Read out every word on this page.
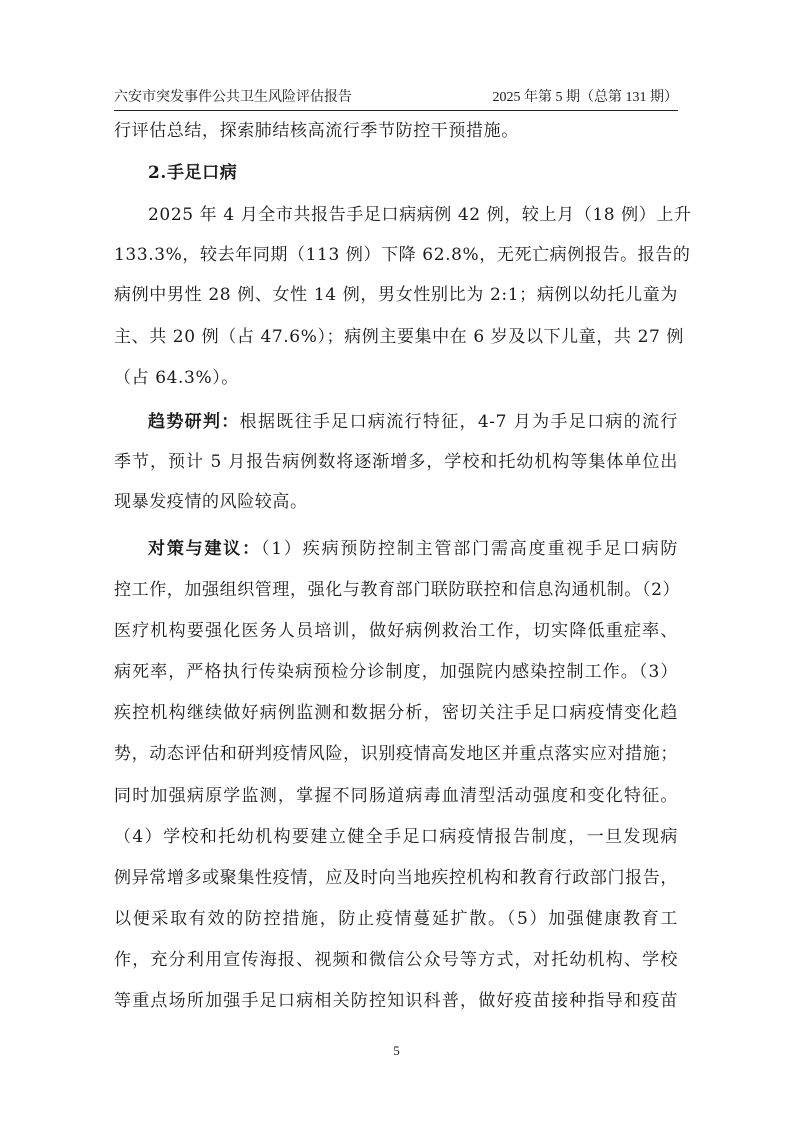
六安市突发事件公共卫生风险评估报告	2025 年第 5 期（总第 131 期）
行评估总结，探索肺结核高流行季节防控干预措施。
2.手足口病
2025 年 4 月全市共报告手足口病病例 42 例，较上月（18 例）上升
133.3%，较去年同期（113 例）下降 62.8%，无死亡病例报告。报告的
病例中男性 28 例、女性 14 例，男女性别比为 2:1；病例以幼托儿童为
主、共 20 例（占 47.6%）；病例主要集中在 6 岁及以下儿童，共 27 例
（占 64.3%）。
趋势研判：根据既往手足口病流行特征，4-7 月为手足口病的流行
季节，预计 5 月报告病例数将逐渐增多，学校和托幼机构等集体单位出
现暴发疫情的风险较高。
对策与建议：（1）疾病预防控制主管部门需高度重视手足口病防
控工作，加强组织管理，强化与教育部门联防联控和信息沟通机制。（2）
医疗机构要强化医务人员培训，做好病例救治工作，切实降低重症率、
病死率，严格执行传染病预检分诊制度，加强院内感染控制工作。（3）
疾控机构继续做好病例监测和数据分析，密切关注手足口病疫情变化趋
势，动态评估和研判疫情风险，识别疫情高发地区并重点落实应对措施；
同时加强病原学监测，掌握不同肠道病毒血清型活动强度和变化特征。
（4）学校和托幼机构要建立健全手足口病疫情报告制度，一旦发现病
例异常增多或聚集性疫情，应及时向当地疾控机构和教育行政部门报告，
以便采取有效的防控措施，防止疫情蔓延扩散。（5）加强健康教育工
作，充分利用宣传海报、视频和微信公众号等方式，对托幼机构、学校
等重点场所加强手足口病相关防控知识科普，做好疫苗接种指导和疫苗
5
